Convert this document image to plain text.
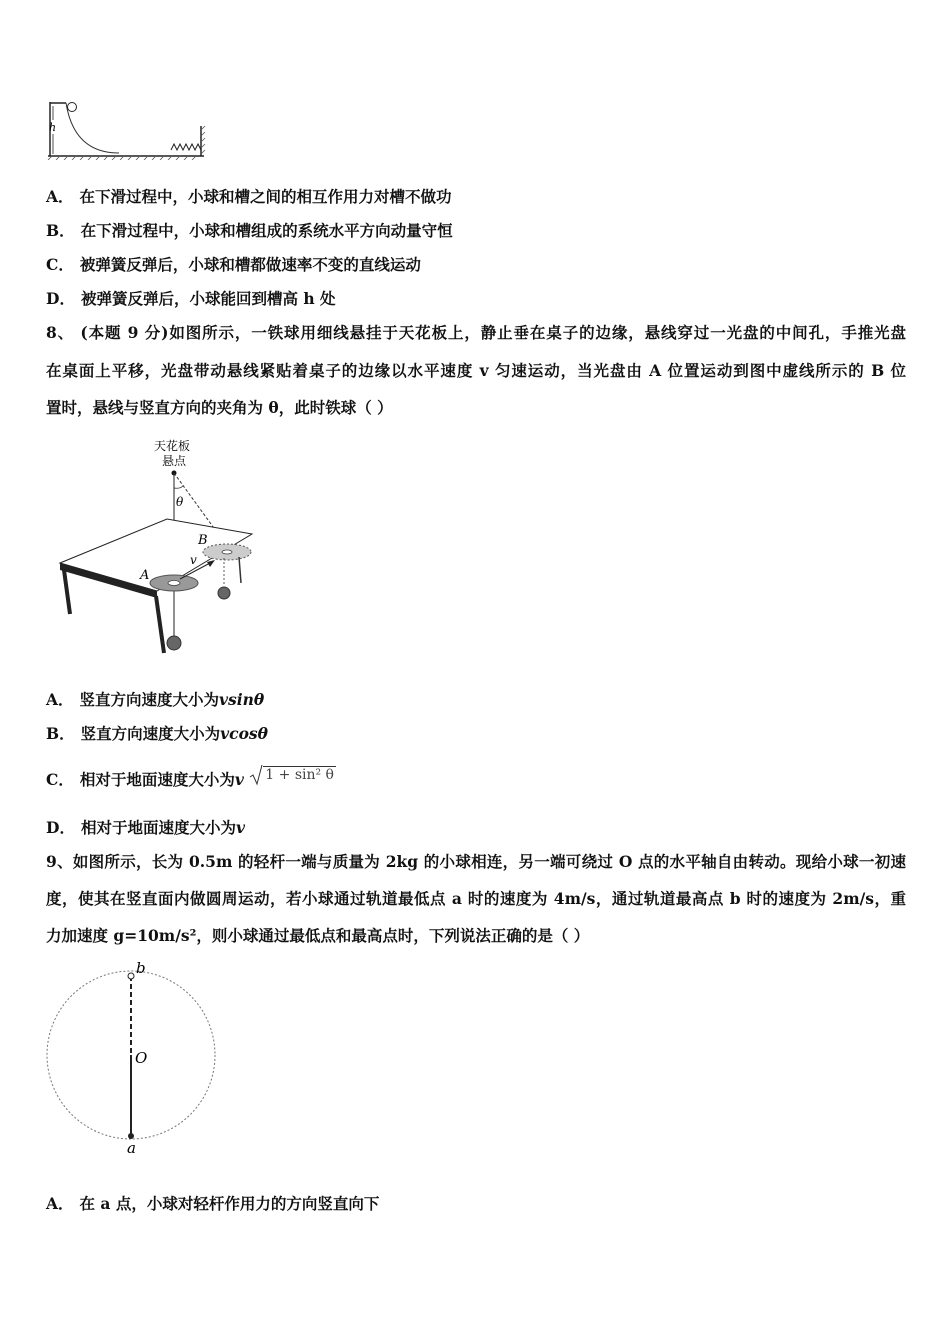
h
A． 在下滑过程中，小球和槽之间的相互作用力对槽不做功
B． 在下滑过程中，小球和槽组成的系统水平方向动量守恒
C． 被弹簧反弹后，小球和槽都做速率不变的直线运动
D． 被弹簧反弹后，小球能回到槽高 h 处
8、 (本题 9 分)如图所示，一铁球用细线悬挂于天花板上，静止垂在桌子的边缘，悬线穿过一光盘的中间孔，手推光盘
在桌面上平移，光盘带动悬线紧贴着桌子的边缘以水平速度 v 匀速运动，当光盘由 A 位置运动到图中虚线所示的 B 位
置时，悬线与竖直方向的夹角为 θ，此时铁球（ ）
天花板
悬点
θ
A
B
v
A． 竖直方向速度大小为vsinθ
B． 竖直方向速度大小为vcosθ
C． 相对于地面速度大小为v 1 + sin² θ
D． 相对于地面速度大小为v
9、如图所示，长为 0.5m 的轻杆一端与质量为 2kg 的小球相连，另一端可绕过 O 点的水平轴自由转动。现给小球一初速
度，使其在竖直面内做圆周运动，若小球通过轨道最低点 a 时的速度为 4m/s，通过轨道最高点 b 时的速度为 2m/s，重
力加速度 g=10m/s²，则小球通过最低点和最高点时，下列说法正确的是（ ）
b
O
a
A． 在 a 点，小球对轻杆作用力的方向竖直向下
